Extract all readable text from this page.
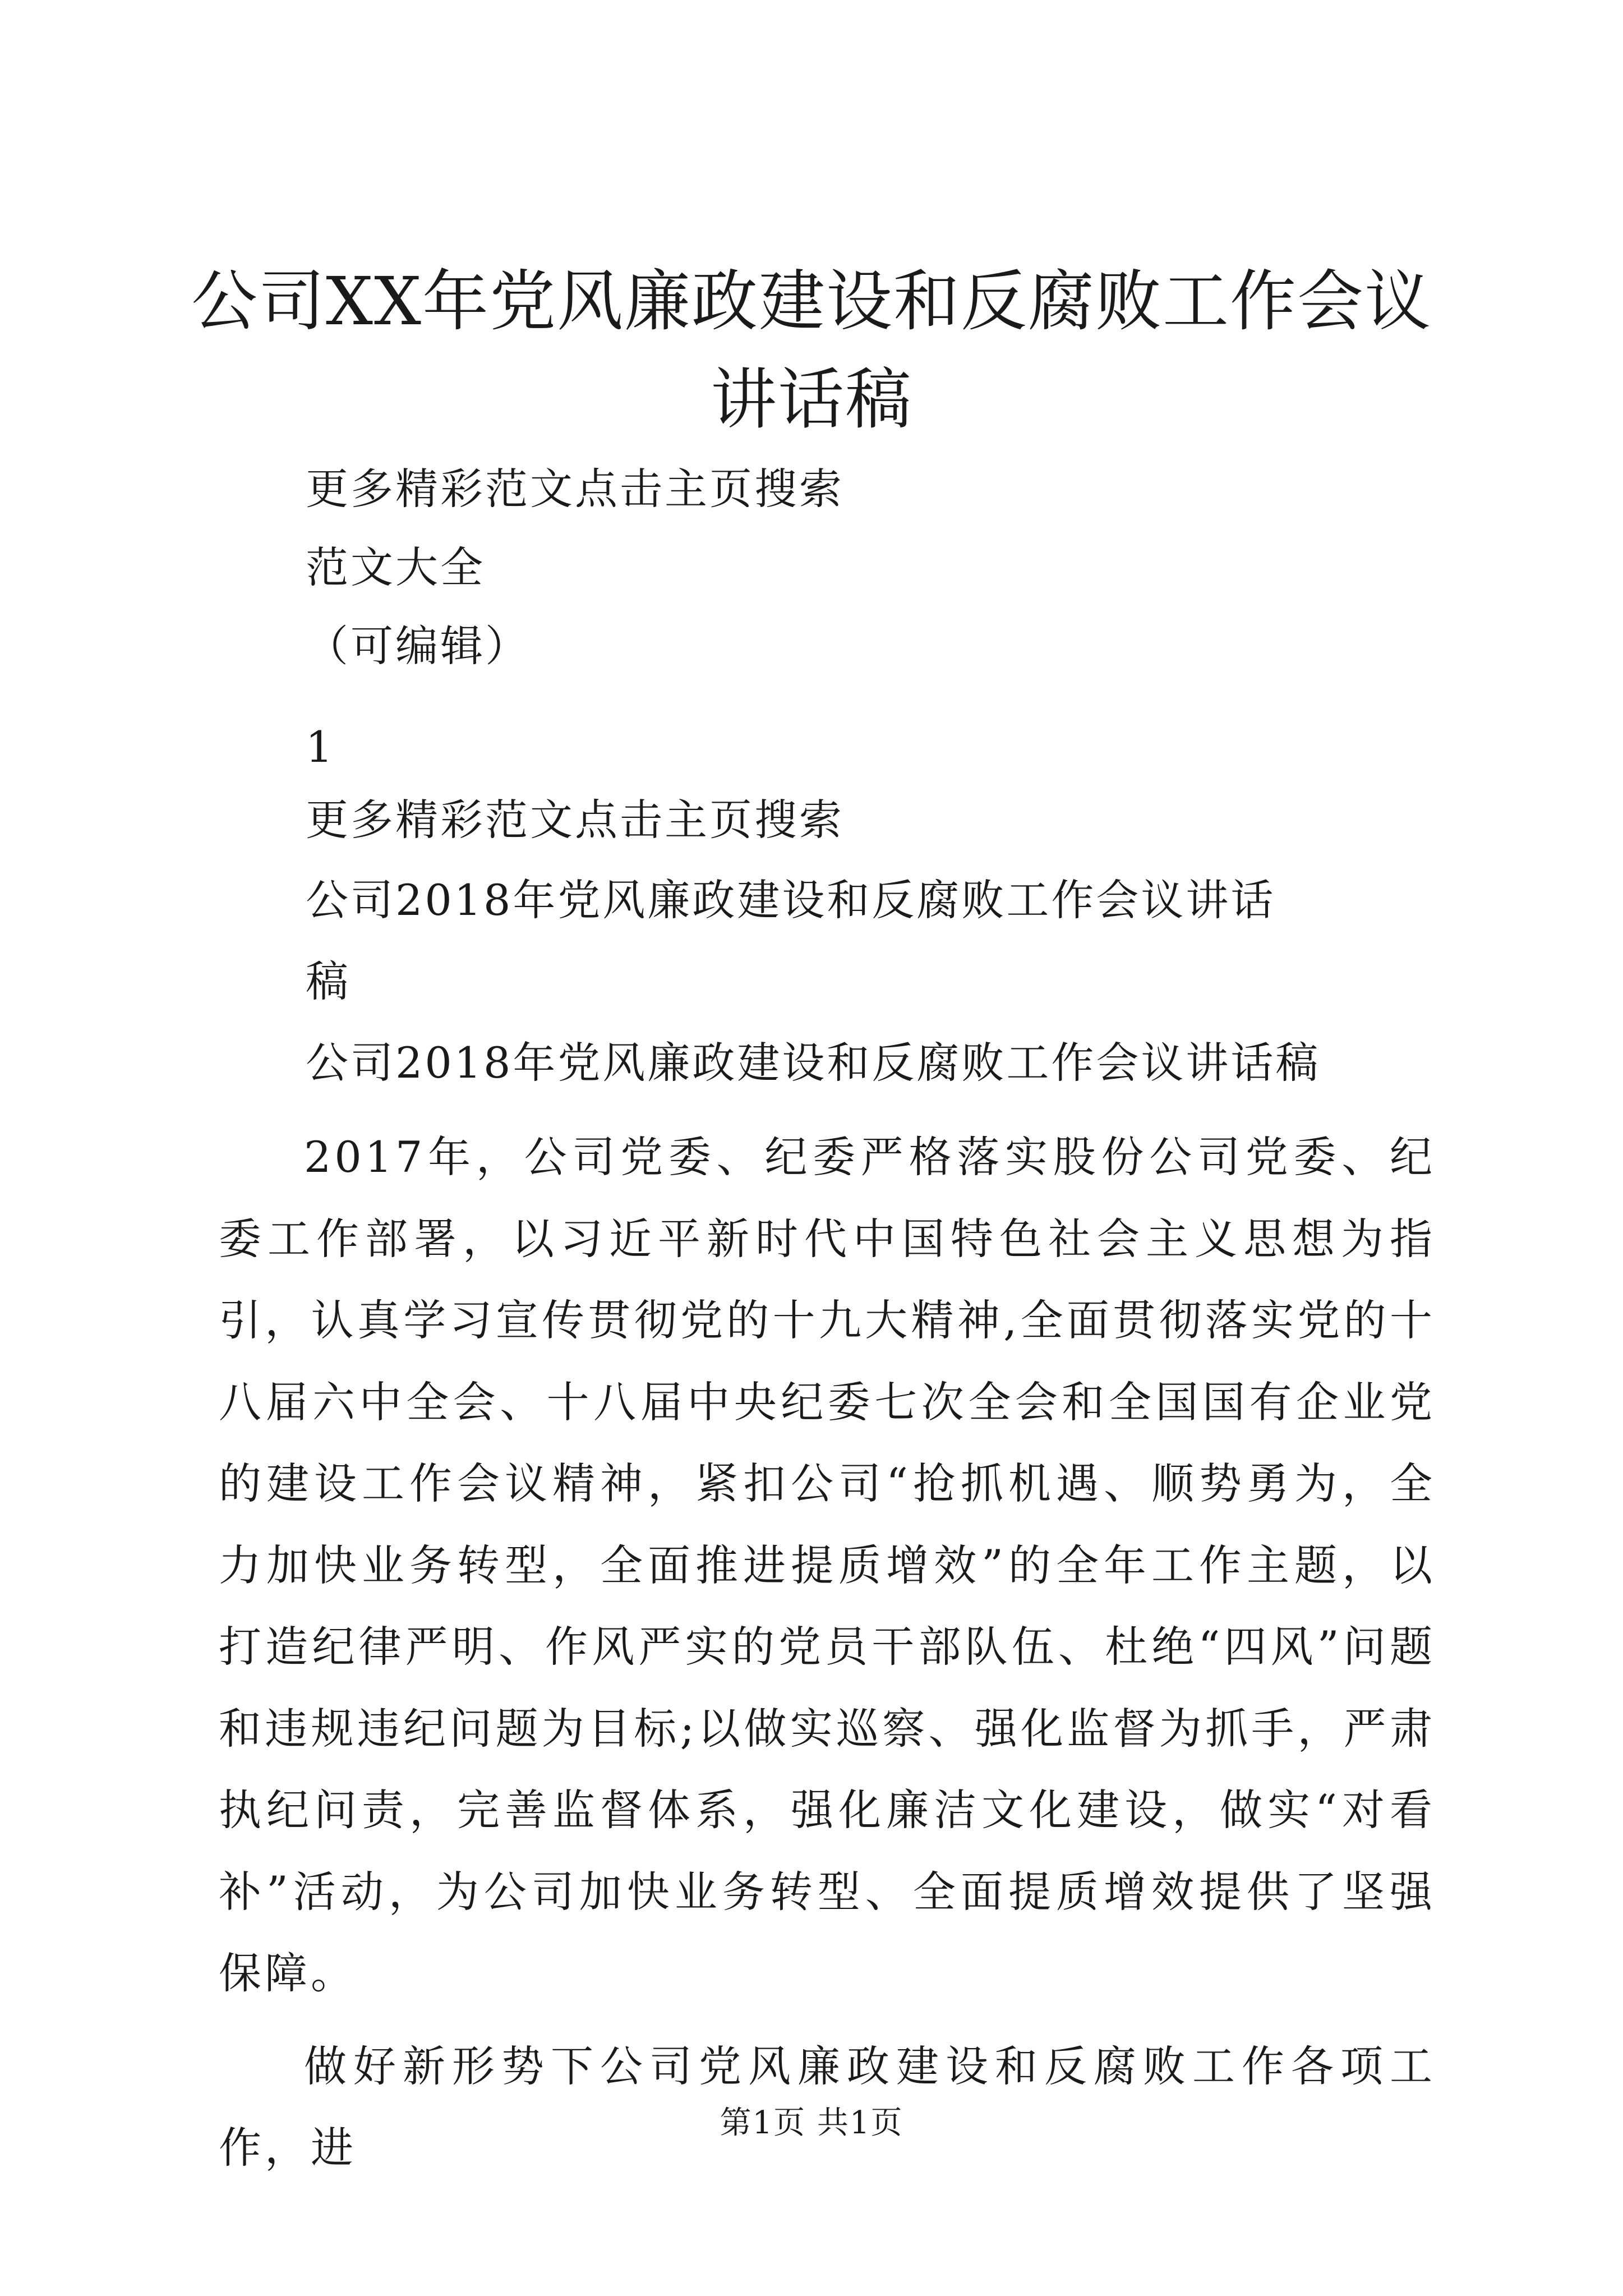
公司XX年党风廉政建设和反腐败工作会议讲话稿

更多精彩范文点击主页搜索

范文大全

（可编辑）

1

更多精彩范文点击主页搜索

公司2018年党风廉政建设和反腐败工作会议讲话

稿

公司2018年党风廉政建设和反腐败工作会议讲话稿

2017年，公司党委、纪委严格落实股份公司党委、纪委工作部署，以习近平新时代中国特色社会主义思想为指引，认真学习宣传贯彻党的十九大精神,全面贯彻落实党的十八届六中全会、十八届中央纪委七次全会和全国国有企业党的建设工作会议精神，紧扣公司“抢抓机遇、顺势勇为，全力加快业务转型，全面推进提质增效”的全年工作主题，以打造纪律严明、作风严实的党员干部队伍、杜绝“四风”问题和违规违纪问题为目标;以做实巡察、强化监督为抓手，严肃执纪问责，完善监督体系，强化廉洁文化建设，做实“对看补”活动，为公司加快业务转型、全面提质增效提供了坚强保障。

做好新形势下公司党风廉政建设和反腐败工作各项工作，进	第1页 共1页
